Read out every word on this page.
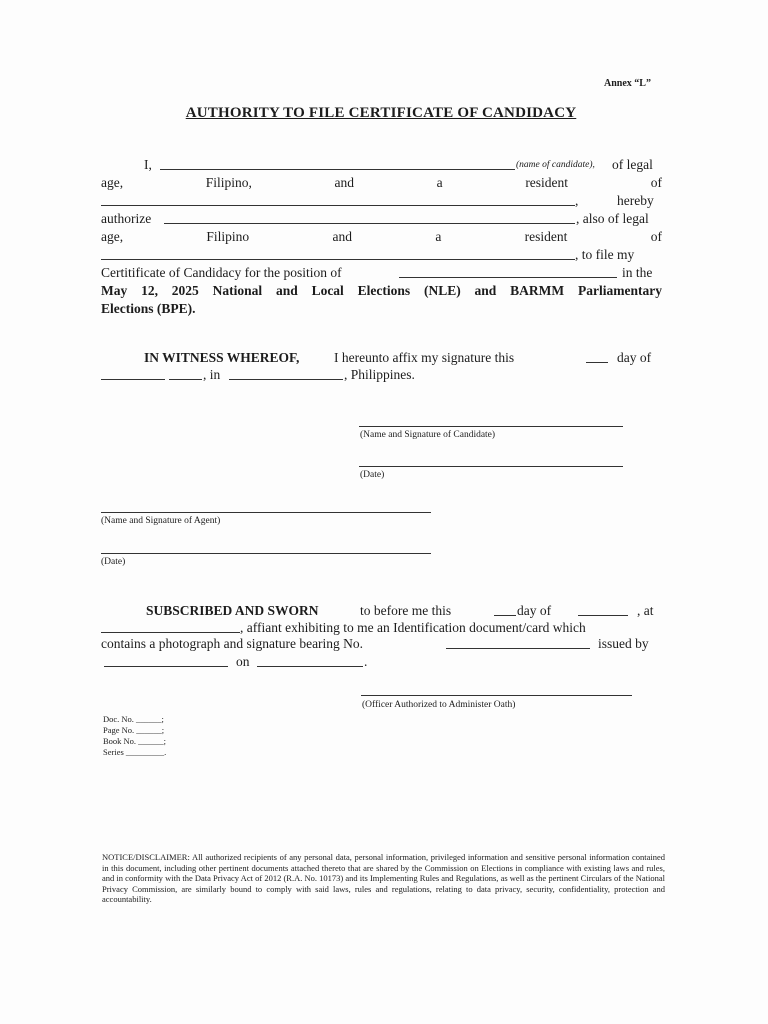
Annex “L”
AUTHORITY TO FILE CERTIFICATE OF CANDIDACY
I,	(name of candidate), of legal
age,	Filipino,	and	a	resident	of
,	hereby
authorize	, also of legal
age,	Filipino	and	a	resident	of
, to file my
Certitificate of Candidacy for the position of	in the
May 12, 2025 National and Local Elections (NLE) and BARMM Parliamentary
Elections (BPE).
IN WITNESS WHEREOF,	I hereunto affix my signature this	day of
, in	, Philippines.
(Name and Signature of Candidate)
(Date)
(Name and Signature of Agent)
(Date)
SUBSCRIBED AND SWORN	to before me this	day of	, at
, affiant exhibiting to me an Identification document/card which
contains a photograph and signature bearing No.	issued by
on	.
(Officer Authorized to Administer Oath)
Doc. No. ______;
Page No. ______;
Book No. ______;
Series _________.
NOTICE/DISCLAIMER: All authorized recipients of any personal data, personal information, privileged information and sensitive personal information contained in this document, including other pertinent documents attached thereto that are shared by the Commission on Elections in compliance with existing laws and rules, and in conformity with the Data Privacy Act of 2012 (R.A. No. 10173) and its Implementing Rules and Regulations, as well as the pertinent Circulars of the National Privacy Commission, are similarly bound to comply with said laws, rules and regulations, relating to data privacy, security, confidentiality, protection and accountability.
